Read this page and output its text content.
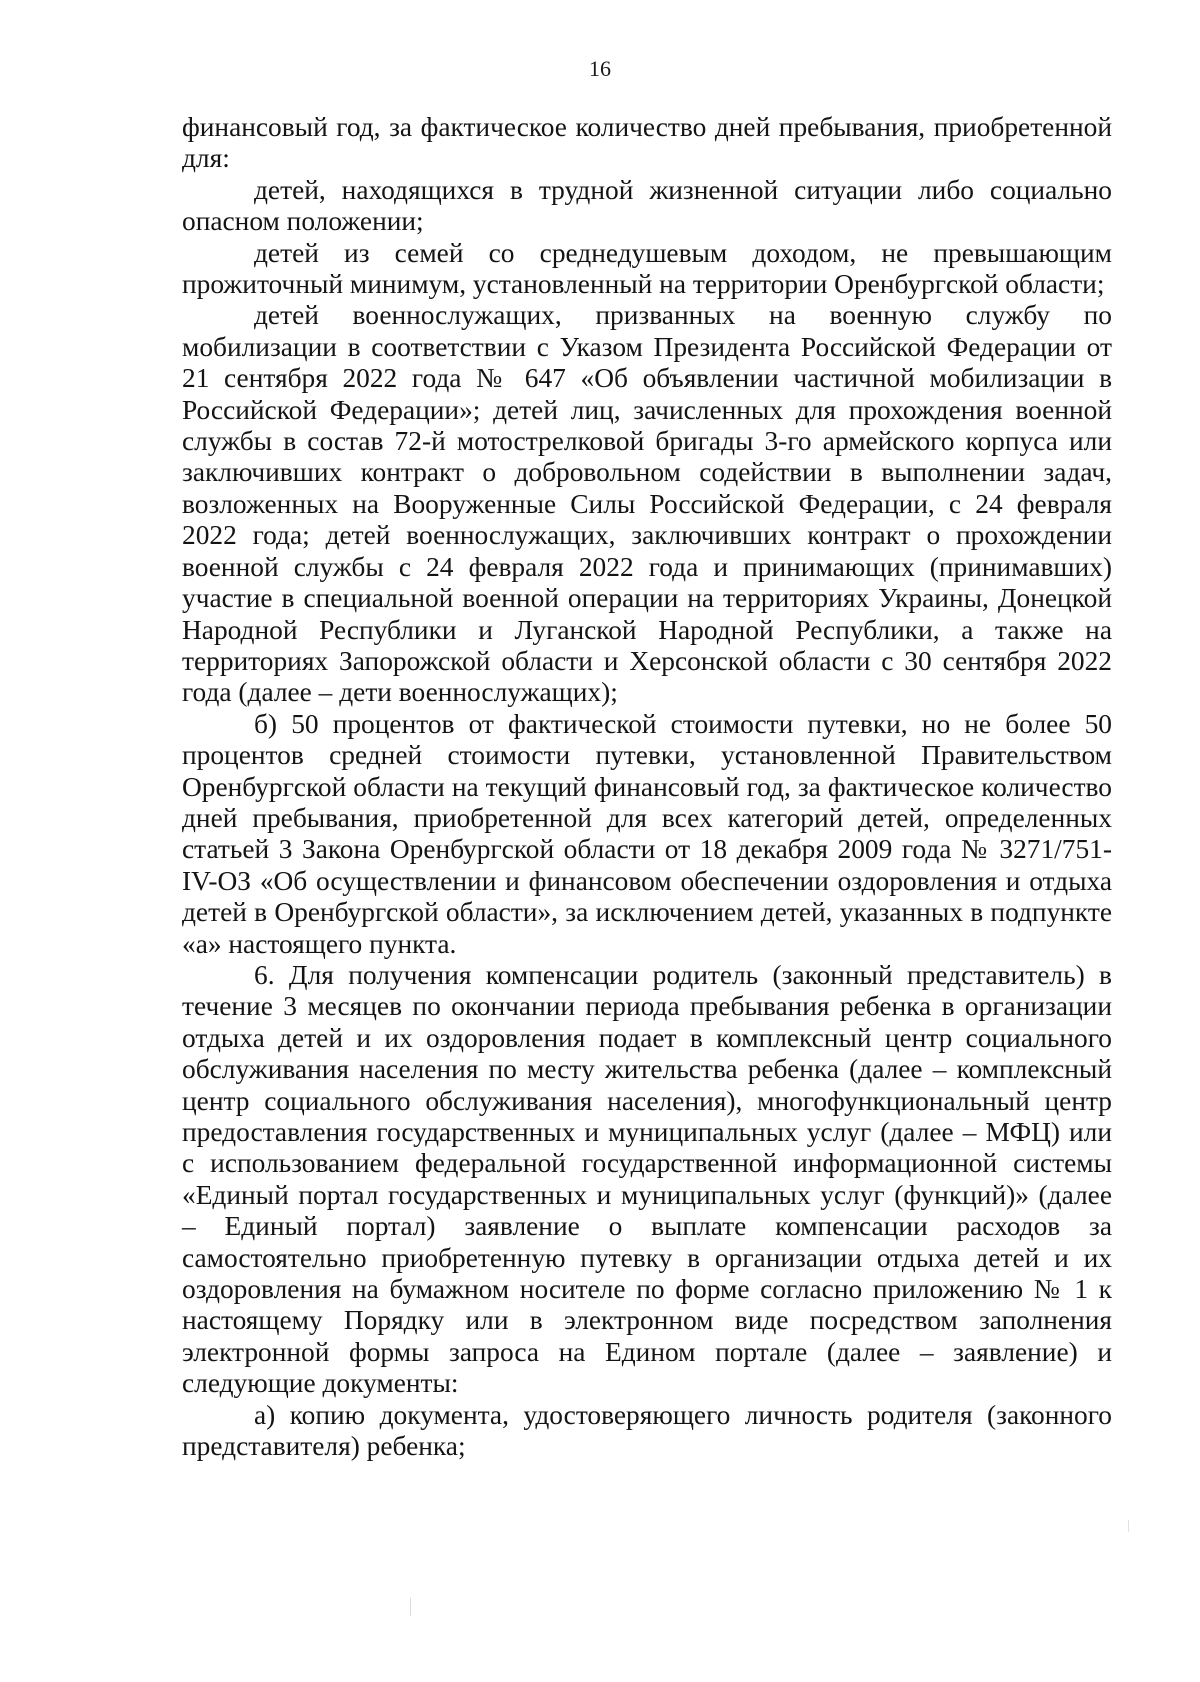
16

финансовый год, за фактическое количество дней пребывания, приобретенной для:

детей, находящихся в трудной жизненной ситуации либо социально опасном положении;

детей из семей со среднедушевым доходом, не превышающим прожиточный минимум, установленный на территории Оренбургской области;

детей военнослужащих, призванных на военную службу по мобилизации в соответствии с Указом Президента Российской Федерации от 21 сентября 2022 года № 647 «Об объявлении частичной мобилизации в Российской Федерации»; детей лиц, зачисленных для прохождения военной службы в состав 72-й мотострелковой бригады 3-го армейского корпуса или заключивших контракт о добровольном содействии в выполнении задач, возложенных на Вооруженные Силы Российской Федерации, с 24 февраля 2022 года; детей военнослужащих, заключивших контракт о прохождении военной службы с 24 февраля 2022 года и принимающих (принимавших) участие в специальной военной операции на территориях Украины, Донецкой Народной Республики и Луганской Народной Республики, а также на территориях Запорожской области и Херсонской области с 30 сентября 2022 года (далее – дети военнослужащих);

б) 50 процентов от фактической стоимости путевки, но не более 50 процентов средней стоимости путевки, установленной Правительством Оренбургской области на текущий финансовый год, за фактическое количество дней пребывания, приобретенной для всех категорий детей, определенных статьей 3 Закона Оренбургской области от 18 декабря 2009 года № 3271/751-IV-ОЗ «Об осуществлении и финансовом обеспечении оздоровления и отдыха детей в Оренбургской области», за исключением детей, указанных в подпункте «а» настоящего пункта.

6. Для получения компенсации родитель (законный представитель) в течение 3 месяцев по окончании периода пребывания ребенка в организации отдыха детей и их оздоровления подает в комплексный центр социального обслуживания населения по месту жительства ребенка (далее – комплексный центр социального обслуживания населения), многофункциональный центр предоставления государственных и муниципальных услуг (далее – МФЦ) или с использованием федеральной государственной информационной системы «Единый портал государственных и муниципальных услуг (функций)» (далее – Единый портал) заявление о выплате компенсации расходов за самостоятельно приобретенную путевку в организации отдыха детей и их оздоровления на бумажном носителе по форме согласно приложению № 1 к настоящему Порядку или в электронном виде посредством заполнения электронной формы запроса на Едином портале (далее – заявление) и следующие документы:

а) копию документа, удостоверяющего личность родителя (законного представителя) ребенка;
